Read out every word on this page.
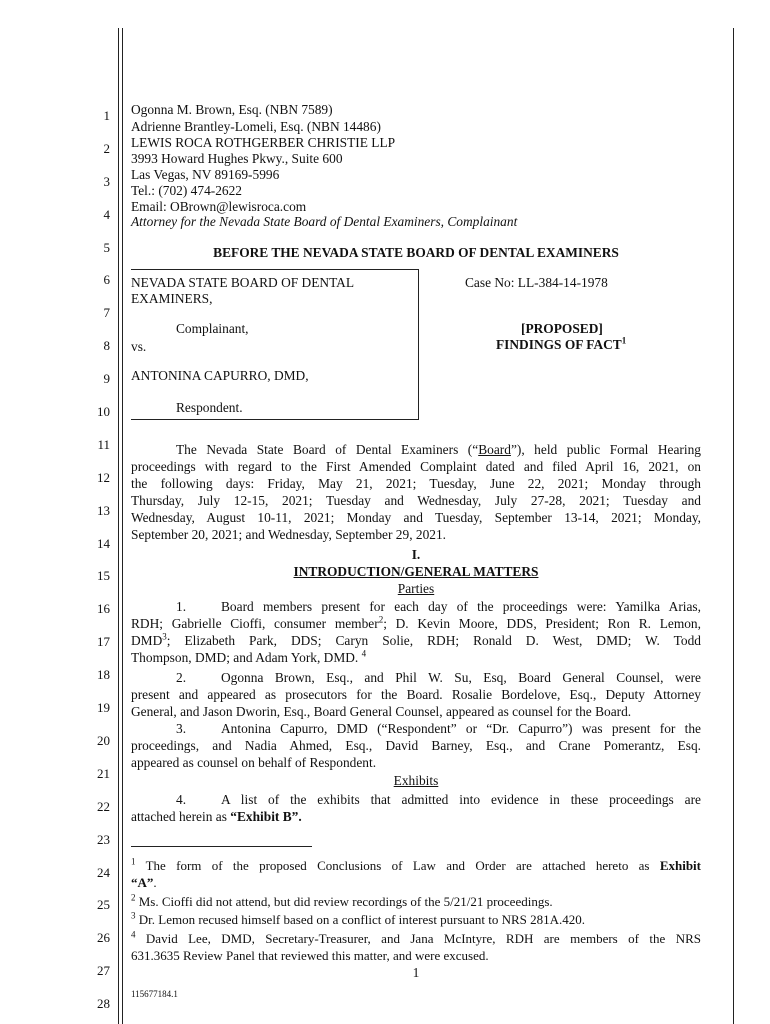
1
2
3
4
5
6
7
8
9
10
11
12
13
14
15
16
17
18
19
20
21
22
23
24
25
26
27
28
Ogonna M. Brown, Esq. (NBN 7589)
Adrienne Brantley-Lomeli, Esq. (NBN 14486)
LEWIS ROCA ROTHGERBER CHRISTIE LLP
3993 Howard Hughes Pkwy., Suite 600
Las Vegas, NV 89169-5996
Tel.: (702) 474-2622
Email: OBrown@lewisroca.com
Attorney for the Nevada State Board of Dental Examiners, Complainant
BEFORE THE NEVADA STATE BOARD OF DENTAL EXAMINERS
NEVADA STATE BOARD OF DENTAL
EXAMINERS,
Complainant,
vs.
ANTONINA CAPURRO, DMD,
Respondent.
Case No: LL-384-14-1978
[PROPOSED]
FINDINGS OF FACT$^1$
The Nevada State Board of Dental Examiners (“Board”), held public Formal Hearing
proceedings with regard to the First Amended Complaint dated and filed April 16, 2021, on
the following days: Friday, May 21, 2021; Tuesday, June 22, 2021; Monday through
Thursday, July 12-15, 2021; Tuesday and Wednesday, July 27-28, 2021; Tuesday and
Wednesday, August 10-11, 2021; Monday and Tuesday, September 13-14, 2021; Monday,
September 20, 2021; and Wednesday, September 29, 2021.
I.
INTRODUCTION/GENERAL MATTERS
Parties
1.	Board members present for each day of the proceedings were: Yamilka Arias,
RDH; Gabrielle Cioffi, consumer member$^2$; D. Kevin Moore, DDS, President; Ron R. Lemon,
DMD$^3$; Elizabeth Park, DDS; Caryn Solie, RDH; Ronald D. West, DMD; W. Todd
Thompson, DMD; and Adam York, DMD. $^4$
2.	Ogonna Brown, Esq., and Phil W. Su, Esq, Board General Counsel, were
present and appeared as prosecutors for the Board. Rosalie Bordelove, Esq., Deputy Attorney
General, and Jason Dworin, Esq., Board General Counsel, appeared as counsel for the Board.
3.	Antonina Capurro, DMD (“Respondent” or “Dr. Capurro”) was present for the
proceedings, and Nadia Ahmed, Esq., David Barney, Esq., and Crane Pomerantz, Esq.
appeared as counsel on behalf of Respondent.
Exhibits
4.	A list of the exhibits that admitted into evidence in these proceedings are
attached herein as “Exhibit B”.
$^1$ The form of the proposed Conclusions of Law and Order are attached hereto as Exhibit
“A”.
$^2$ Ms. Cioffi did not attend, but did review recordings of the 5/21/21 proceedings.
$^3$ Dr. Lemon recused himself based on a conflict of interest pursuant to NRS 281A.420.
$^4$ David Lee, DMD, Secretary-Treasurer, and Jana McIntyre, RDH are members of the NRS
631.3635 Review Panel that reviewed this matter, and were excused.
1
115677184.1
